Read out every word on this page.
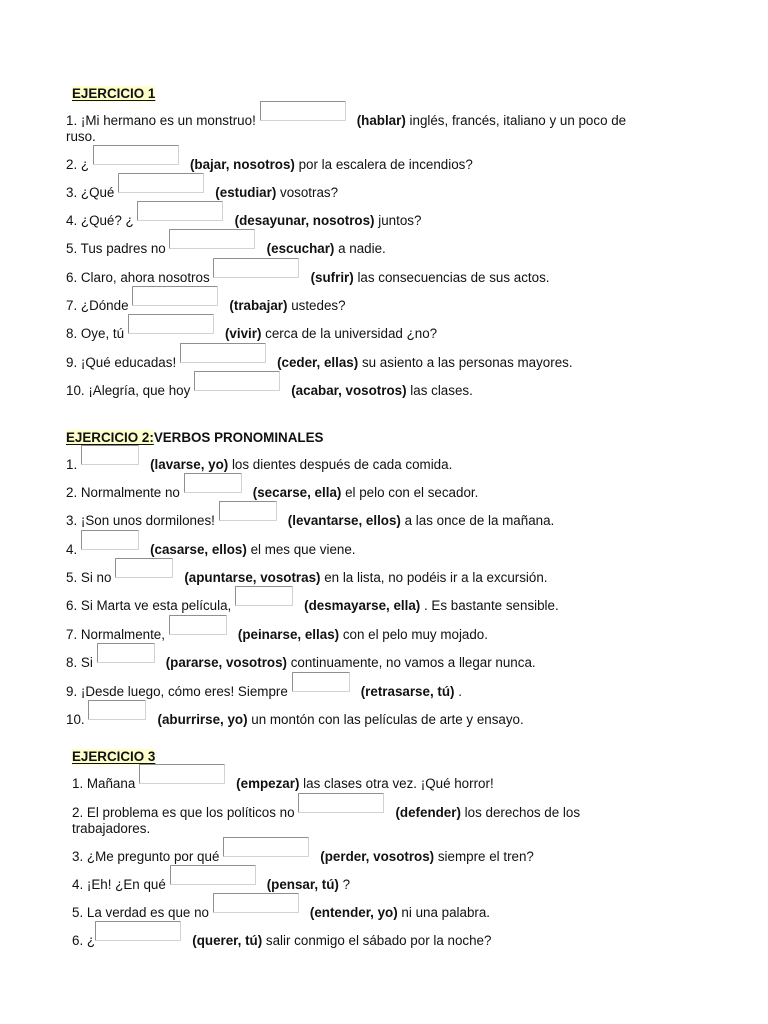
EJERCICIO 1
1. ¡Mi hermano es un monstruo!	(hablar) inglés, francés, italiano y un poco de
ruso.
2. ¿	(bajar, nosotros) por la escalera de incendios?
3. ¿Qué	(estudiar) vosotras?
4. ¿Qué? ¿	(desayunar, nosotros) juntos?
5. Tus padres no	(escuchar) a nadie.
6. Claro, ahora nosotros	(sufrir) las consecuencias de sus actos.
7. ¿Dónde	(trabajar) ustedes?
8. Oye, tú	(vivir) cerca de la universidad ¿no?
9. ¡Qué educadas!	(ceder, ellas) su asiento a las personas mayores.
10. ¡Alegría, que hoy	(acabar, vosotros) las clases.
EJERCICIO 2:VERBOS PRONOMINALES
1.	(lavarse, yo) los dientes después de cada comida.
2. Normalmente no	(secarse, ella) el pelo con el secador.
3. ¡Son unos dormilones!	(levantarse, ellos) a las once de la mañana.
4.	(casarse, ellos) el mes que viene.
5. Si no	(apuntarse, vosotras) en la lista, no podéis ir a la excursión.
6. Si Marta ve esta película,	(desmayarse, ella) . Es bastante sensible.
7. Normalmente,	(peinarse, ellas) con el pelo muy mojado.
8. Si	(pararse, vosotros) continuamente, no vamos a llegar nunca.
9. ¡Desde luego, cómo eres! Siempre	(retrasarse, tú) .
10.	(aburrirse, yo) un montón con las películas de arte y ensayo.
EJERCICIO 3
1. Mañana	(empezar) las clases otra vez. ¡Qué horror!
2. El problema es que los políticos no	(defender) los derechos de los
trabajadores.
3. ¿Me pregunto por qué	(perder, vosotros) siempre el tren?
4. ¡Eh! ¿En qué	(pensar, tú) ?
5. La verdad es que no	(entender, yo) ni una palabra.
6. ¿	(querer, tú) salir conmigo el sábado por la noche?
